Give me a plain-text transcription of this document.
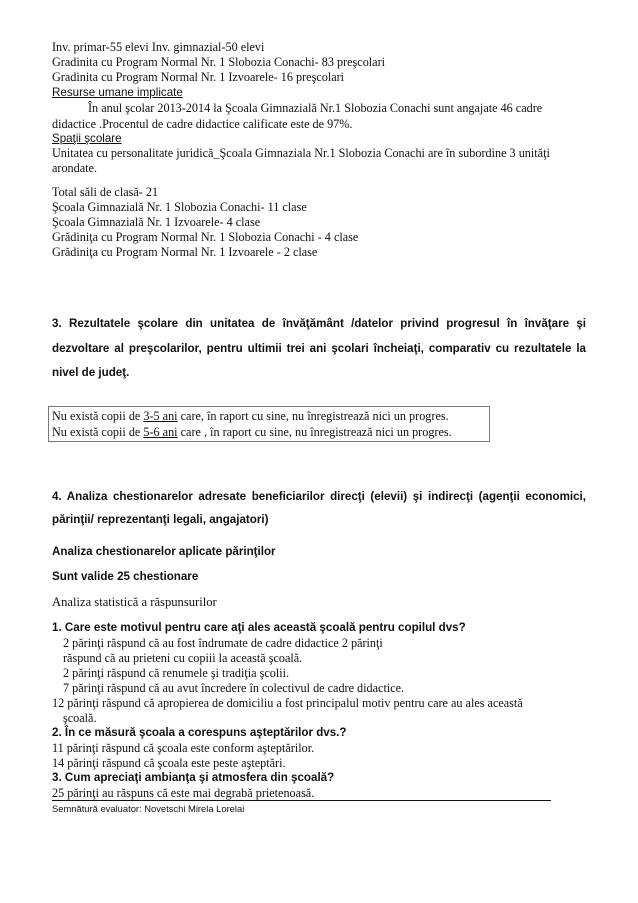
Inv. primar-55 elevi Inv. gimnazial-50 elevi
Gradinita cu Program Normal Nr. 1 Slobozia Conachi- 83 preşcolari
Gradinita cu Program Normal Nr. 1 Izvoarele- 16 preşcolari
Resurse umane implicate
În anul şcolar 2013-2014 la Şcoala Gimnazială Nr.1 Slobozia Conachi sunt angajate 46 cadre
didactice .Procentul de cadre didactice calificate este de 97%.
Spaţii şcolare
Unitatea cu personalitate juridică_Şcoala Gimnaziala Nr.1 Slobozia Conachi are în subordine 3 unităţi
arondate.
Total săli de clasă- 21
Şcoala Gimnazială Nr. 1 Slobozia Conachi- 11 clase
Şcoala Gimnazială Nr. 1 Izvoarele- 4 clase
Grădiniţa cu Program Normal Nr. 1 Slobozia Conachi - 4 clase
Grădiniţa cu Program Normal Nr. 1 Izvoarele - 2 clase
3. Rezultatele şcolare din unitatea de învăţământ /datelor privind progresul în învăţare şi
dezvoltare al preşcolarilor, pentru ultimii trei ani şcolari încheiaţi, comparativ cu rezultatele la
nivel de judeţ.
Nu există copii de 3-5 ani care, în raport cu sine, nu înregistrează nici un progres.
Nu există copii de 5-6 ani care , în raport cu sine, nu înregistrează nici un progres.
4. Analiza chestionarelor adresate beneficiarilor direcţi (elevii) şi indirecţi (agenţii economici,
părinţii/ reprezentanţi legali, angajatori)
Analiza chestionarelor aplicate părinţilor
Sunt valide 25 chestionare
Analiza statistică a răspunsurilor
1. Care este motivul pentru care aţi ales această şcoală pentru copilul dvs?
2 părinţi răspund că au fost îndrumate de cadre didactice 2 părinţi
răspund că au prieteni cu copiii la această şcoală.
2 părinţi răspund că renumele şi tradiţia şcolii.
7 părinţi răspund că au avut încredere în colectivul de cadre didactice.
12 părinţi răspund că apropierea de domiciliu a fost principalul motiv pentru care au ales această
şcoală.
2. În ce măsură şcoala a corespuns aşteptărilor dvs.?
11 părinţi răspund că şcoala este conform aşteptărilor.
14 părinţi răspund că şcoala este peste aşteptări.
3. Cum apreciaţi ambianţa şi atmosfera din şcoală?
25 părinţi au răspuns că este mai degrabă prietenoasă.
Semnătură evaluator: Novetschi Mirela Lorelai
